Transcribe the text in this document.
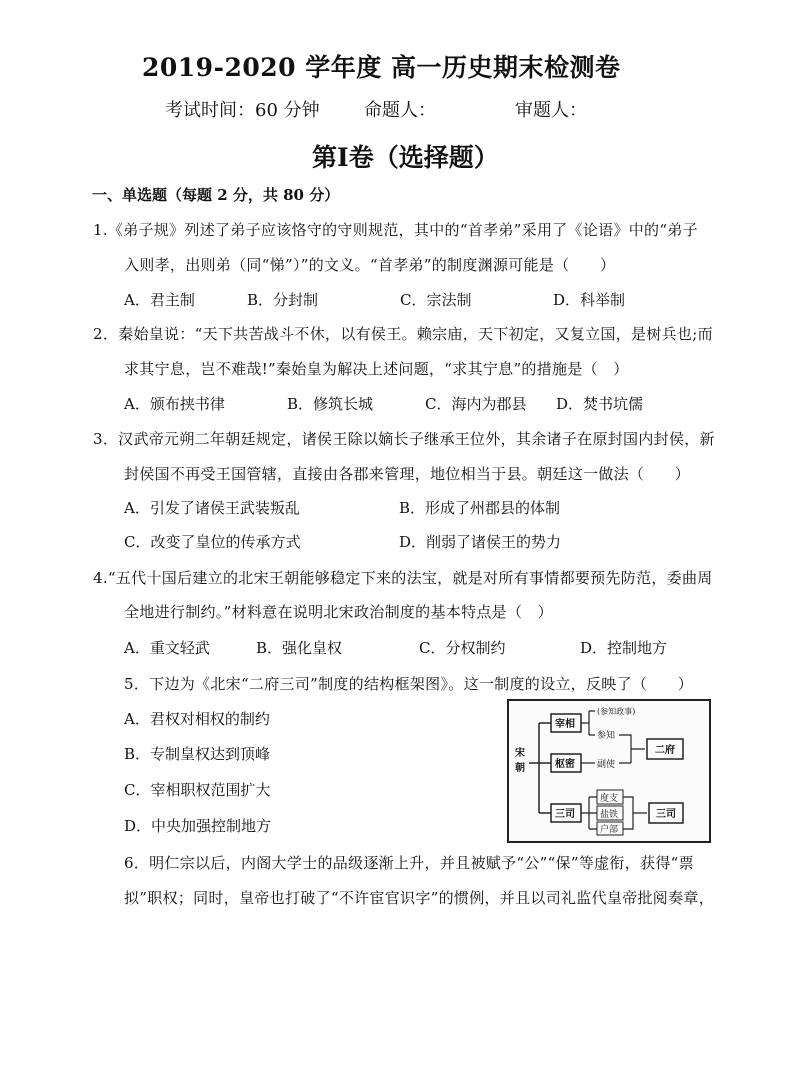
2019-2020 学年度 高一历史期末检测卷
考试时间：60 分钟 命题人：	审题人：
第Ⅰ卷（选择题）
一、单选题（每题 2 分，共 80 分）
1.《弟子规》列述了弟子应该恪守的守则规范，其中的“首孝弟”采用了《论语》中的“弟子
入则孝，出则弟（同“悌”）”的文义。“首孝弟”的制度渊源可能是（　　）
A．君主制	B．分封制	C．宗法制	D．科举制
2．秦始皇说：“天下共苦战斗不休，以有侯王。赖宗庙，天下初定，又复立国，是树兵也;而
求其宁息，岂不难哉!”秦始皇为解决上述问题，“求其宁息”的措施是（　）
A．颁布挟书律	B．修筑长城	C．海内为郡县 D．焚书坑儒
3．汉武帝元朔二年朝廷规定，诸侯王除以嫡长子继承王位外，其余诸子在原封国内封侯，新
封侯国不再受王国管辖，直接由各郡来管理，地位相当于县。朝廷这一做法（　　）
A．引发了诸侯王武装叛乱	B．形成了州郡县的体制
C．改变了皇位的传承方式	D．削弱了诸侯王的势力
4.“五代十国后建立的北宋王朝能够稳定下来的法宝，就是对所有事情都要预先防范，委曲周
全地进行制约。”材料意在说明北宋政治制度的基本特点是（　）
A．重文轻武	B．强化皇权	C．分权制约	D．控制地方
5．下边为《北宋“二府三司”制度的结构框架图》。这一制度的设立，反映了（　　）
A．君权对相权的制约
B．专制皇权达到顶峰
C．宰相职权范围扩大
D．中央加强控制地方
宋
朝
宰相
枢密
三司
(参知政事)
参知
副使
二府
度支
盐铁
户部
三司
6．明仁宗以后，内阁大学士的品级逐渐上升，并且被赋予“公”“保”等虚衔，获得“票
拟”职权；同时，皇帝也打破了“不许宦官识字”的惯例，并且以司礼监代皇帝批阅奏章，
